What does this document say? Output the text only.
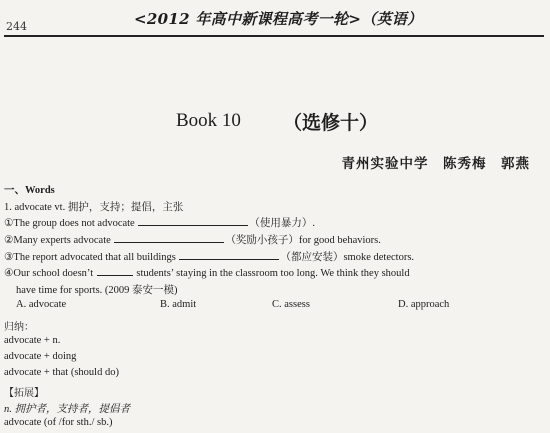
244	<2012 年高中新课程高考一轮>（英语）
Book 10 （选修十）
青州实验中学　陈秀梅　郭燕
一、Words
1. advocate vt. 拥护，支持；提倡，主张
①The group does not advocate	（使用暴力）.
②Many experts advocate	（奖励小孩子）for good behaviors.
③The report advocated that all buildings	（都应安装）smoke detectors.
④Our school doesn’t	students’ staying in the classroom too long. We think they should
have time for sports. (2009 泰安一模)
A. advocate	B. admit	C. assess	D. approach
归纳：
advocate + n.
advocate + doing
advocate + that (should do)
【拓展】
n. 拥护者，支持者，提倡者
advocate (of /for sth./ sb.)
